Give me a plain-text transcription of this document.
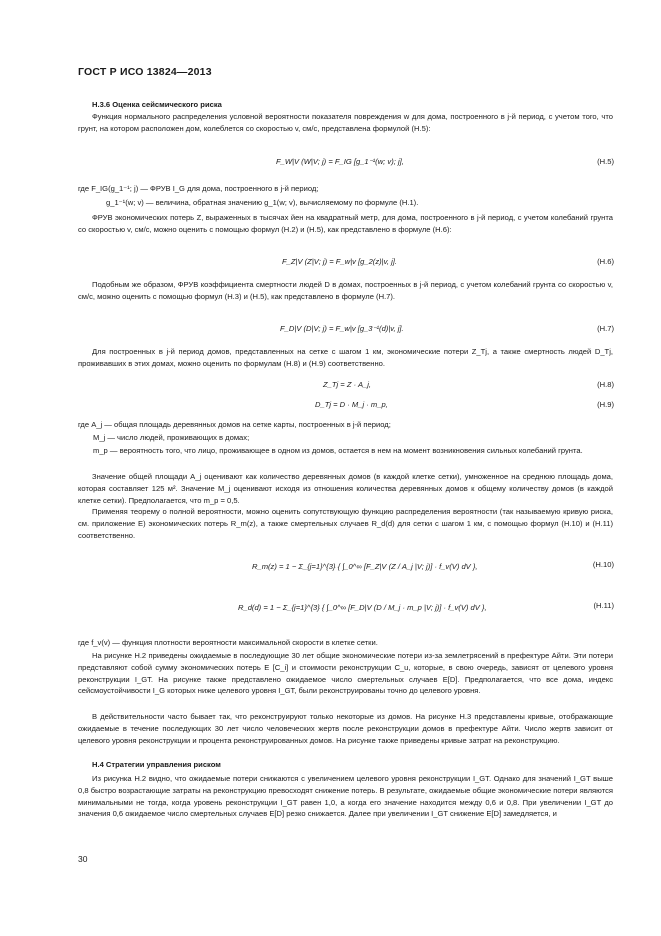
ГОСТ Р ИСО 13824—2013
Н.3.6 Оценка сейсмического риска
Функция нормального распределения условной вероятности показателя повреждения w для дома, построенного в j-й период, с учетом того, что грунт, на котором расположен дом, колеблется со скоростью v, см/с, представлена формулой (Н.5):
F_W|V (W|V; j) = F_IG [g_1⁻¹(w; v); j],	(Н.5)
где F_IG(g_1⁻¹; j) — ФРУВ I_G для дома, построенного в j-й период;
g_1⁻¹(w; v) — величина, обратная значению g_1(w; v), вычисляемому по формуле (Н.1).
ФРУВ экономических потерь Z, выраженных в тысячах йен на квадратный метр, для дома, построенного в j-й период, с учетом колебаний грунта со скоростью v, см/с, можно оценить с помощью формул (Н.2) и (Н.5), как представлено в формуле (Н.6):
F_Z|V (Z|V; j) = F_w|v [g_2(z)|v, j].	(Н.6)
Подобным же образом, ФРУВ коэффициента смертности людей D в домах, построенных в j-й период, с учетом колебаний грунта со скоростью v, см/с, можно оценить с помощью формул (Н.3) и (Н.5), как представлено в формуле (Н.7).
F_D|V (D|V; j) = F_w|v [g_3⁻¹(d)|v, j].	(Н.7)
Для построенных в j-й период домов, представленных на сетке с шагом 1 км, экономические потери Z_Tj, а также смертность людей D_Tj, проживавших в этих домах, можно оценить по формулам (Н.8) и (Н.9) соответственно.
Z_Tj = Z · A_j,	(Н.8)
D_Tj = D · M_j · m_p,	(Н.9)
где A_j — общая площадь деревянных домов на сетке карты, построенных в j-й период;
M_j — число людей, проживающих в домах;
m_p — вероятность того, что лицо, проживающее в одном из домов, остается в нем на момент возникновения сильных колебаний грунта.
Значение общей площади A_j оценивают как количество деревянных домов (в каждой клетке сетки), умноженное на среднюю площадь дома, которая составляет 125 м². Значение M_j оценивают исходя из отношения количества деревянных домов к общему количеству домов (в каждой клетке сетки). Предполагается, что m_p = 0,5.
Применяя теорему о полной вероятности, можно оценить сопутствующую функцию распределения вероятности (так называемую кривую риска, см. приложение Е) экономических потерь R_m(z), а также смертельных случаев R_d(d) для сетки с шагом 1 км, с помощью формул (Н.10) и (Н.11) соответственно.
R_m(z) = 1 − Σ_{j=1}^{3} { ∫_0^∞ [F_Z|V (Z / A_j |V; j)] · f_v(V) dV },	(Н.10)
R_d(d) = 1 − Σ_{j=1}^{3} { ∫_0^∞ [F_D|V (D / M_j · m_p |V; j)] · f_v(V) dV },	(Н.11)
где f_v(v) — функция плотности вероятности максимальной скорости в клетке сетки.
На рисунке Н.2 приведены ожидаемые в последующие 30 лет общие экономические потери из-за землетрясений в префектуре Айти. Эти потери представляют собой сумму экономических потерь E [C_i] и стоимости реконструкции C_u, которые, в свою очередь, зависят от целевого уровня реконструкции I_GT. На рисунке также представлено ожидаемое число смертельных случаев E[D]. Предполагается, что все дома, индекс сейсмоустойчивости I_G которых ниже целевого уровня I_GT, были реконструированы точно до целевого уровня.
В действительности часто бывает так, что реконструируют только некоторые из домов. На рисунке Н.3 представлены кривые, отображающие ожидаемые в течение последующих 30 лет число человеческих жертв после реконструкции домов в префектуре Айти. Число жертв зависит от целевого уровня реконструкции и процента реконструированных домов. На рисунке также приведены кривые затрат на реконструкцию.
Н.4 Стратегии управления риском
Из рисунка Н.2 видно, что ожидаемые потери снижаются с увеличением целевого уровня реконструкции I_GT. Однако для значений I_GT выше 0,8 быстро возрастающие затраты на реконструкцию превосходят снижение потерь. В результате, ожидаемые общие экономические потери являются минимальными не тогда, когда уровень реконструкции I_GT равен 1,0, а когда его значение находится между 0,6 и 0,8. При увеличении I_GT до значения 0,6 ожидаемое число смертельных случаев E[D] резко снижается. Далее при увеличении I_GT снижение E[D] замедляется, и
30
